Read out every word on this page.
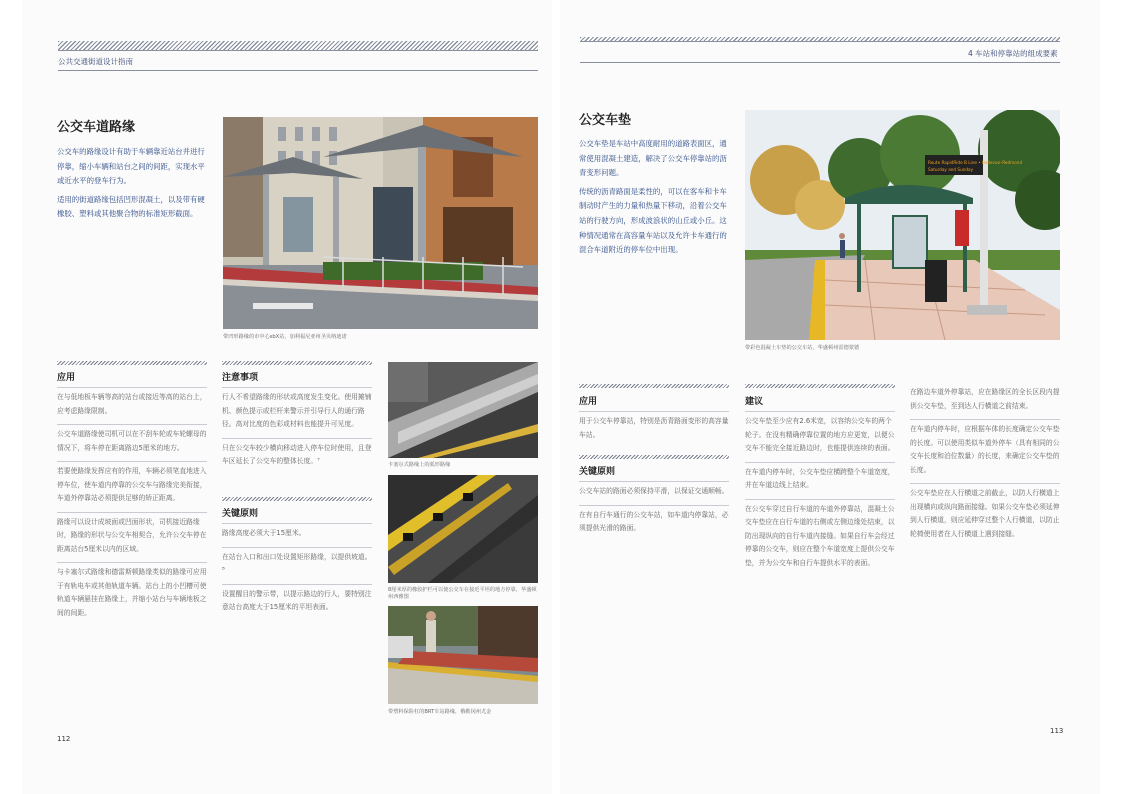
公共交通街道设计指南
公交车道路缘

公交车的路缘设计有助于车辆靠近站台并进行停靠，缩小车辆和站台之间的间距，实现水平或近水平的登车行为。

适用的街道路缘包括凹形混凝土，以及带有硬橡胶、塑料或其他聚合物的标准矩形截面。

带凹形路缘的市中心sbX站，加利福尼亚州圣贝纳迪诺
应用

在与低地板车辆等高的站台或接近等高的站台上，应考虑路缘限制。

公交车道路缘使司机可以在不刮车轮或车轮螺母的情况下，将车停在距离路边5厘米的地方。

若要使路缘发挥应有的作用，车辆必须笔直地进入停车位，使车道内停靠的公交车与路缘完美衔接，车道外停靠站必须提供足够的矫正距离。

路缘可以设计成坡面或凹面形状，司机接近路缘时，路缘的形状与公交车相契合，允许公交车停在距离站台5厘米以内的区域。

与卡塞尔式路缘和德雷斯顿路缘类似的路缘可应用于有轨电车或其他轨道车辆。站台上的小凹槽可使轨道车辆悬挂在路缘上，并缩小站台与车辆地板之间的间距。

注意事项

行人不希望路缘的形状或高度发生变化。使用摊铺机、颜色提示或栏杆来警示并引导行人的通行路径。高对比度的色彩或材料也能提升可见度。

只在公交车较少横向移动进入停车位时使用，且登车区延长了公交车的整体长度。⁷

关键原则

路缘高度必须大于15厘米。

在站台入口和出口处设置矩形路缘，以提供坡道。⁸

设置醒目的警示带，以提示路边的行人，要特别注意站台高度大于15厘米的平坦表面。

卡塞尔式路缘上的弧形路缘
8厘米厚的橡胶护栏可以使公交车在接近平坦的地方停靠，华盛顿州西雅图
带塑料保险杠的BRT车站路缘，俄勒冈州尤金
112
4 车站和停靠站的组成要素
公交车垫

公交车垫是车站中高度耐用的道路表面区，通常使用混凝土建造，解决了公交车停靠站的沥青变形问题。

传统的沥青路面是柔性的，可以在客车和卡车制动时产生的力量和热量下移动，沿着公交车站的行驶方向，形成波浪状的山丘或小丘。这种情况通常在高容量车站以及允许卡车通行的混合车道附近的停车位中出现。

Route RapidRide B Line • Bellevue–Redmond
Saturday and Sunday
带彩色混凝土车垫的公交车站，华盛顿州雷德蒙德
应用

用于公交车停靠站，特别是沥青路面变形的高容量车站。

关键原则

公交车站的路面必须保持平滑，以保证交通顺畅。

在有自行车通行的公交车站，如车道内停靠站，必须提供光滑的路面。

建议

公交车垫至少应有2.6米宽，以容纳公交车的两个轮子。在没有精确停靠位置的地方应更宽，以便公交车不能完全接近路边时，也能提供连续的表面。

在车道内停车时，公交车垫应横跨整个车道宽度，并在车道边线上结束。

在公交车穿过自行车道的车道外停靠站，混凝土公交车垫应在自行车道的右侧或左侧边缘处结束，以防出现纵向的自行车道内接缝。如果自行车会经过停靠的公交车，则应在整个车道宽度上提供公交车垫，并为公交车和自行车提供水平的表面。

在路边车道外停靠站，应在路缘区的全长区段内提供公交车垫，至到达人行横道之前结束。

在车道内停车时，应根据车体的长度确定公交车垫的长度。可以使用类似车道外停车（具有相同的公交车长度和泊位数量）的长度，来确定公交车垫的长度。

公交车垫应在人行横道之前截止，以防人行横道上出现横向或纵向路面接缝。如果公交车垫必须延伸到人行横道，则应延伸穿过整个人行横道，以防止轮椅使用者在人行横道上遇到接缝。

113
